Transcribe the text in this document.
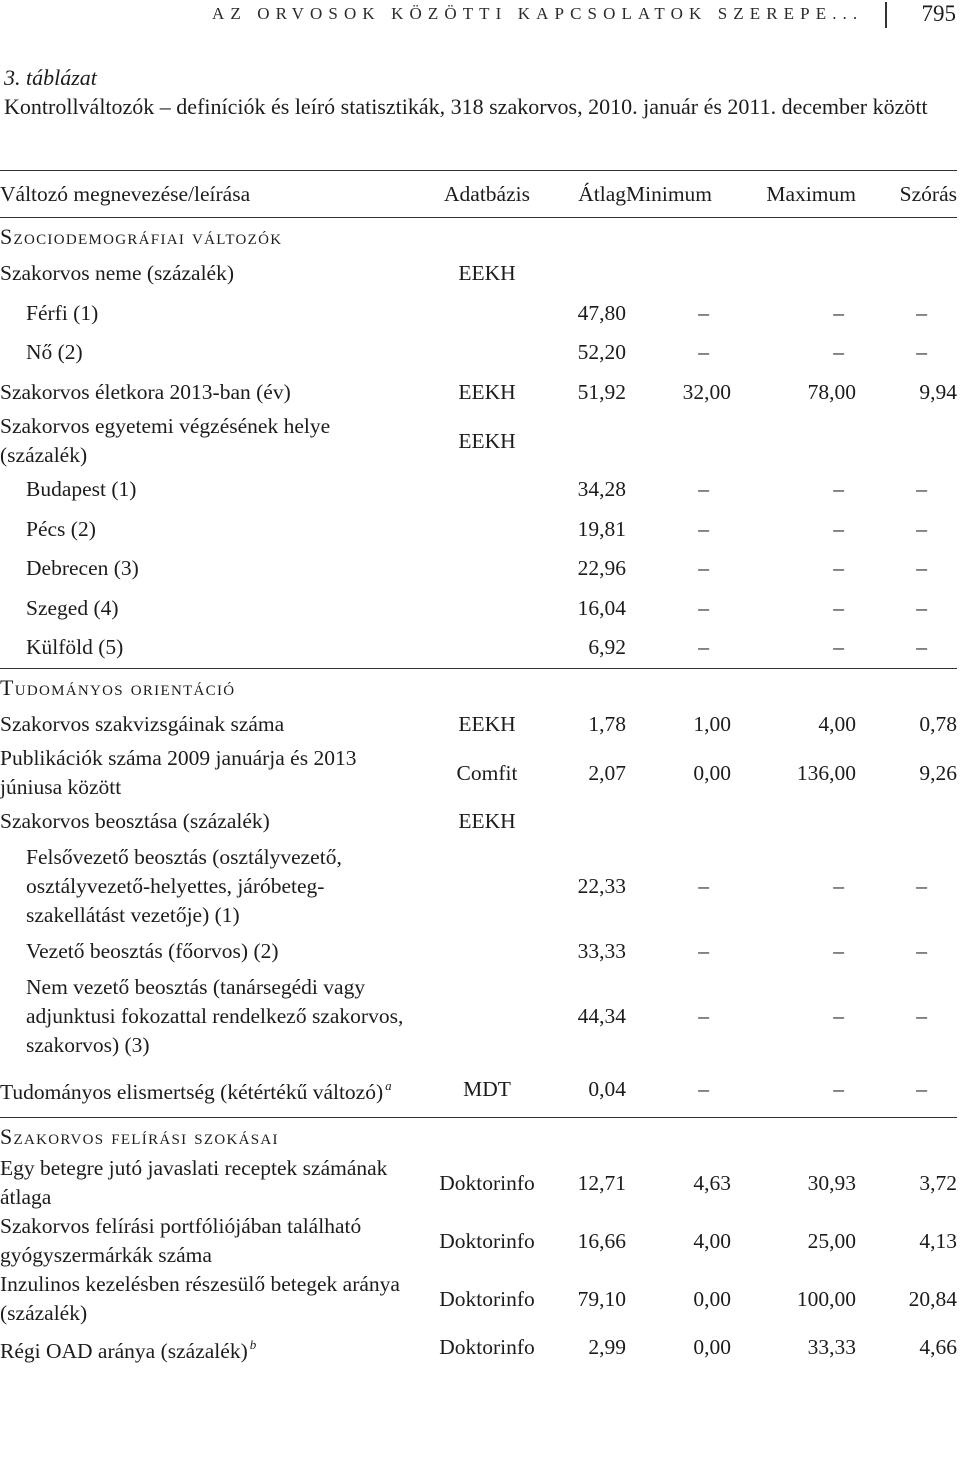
AZ ORVOSOK KÖZÖTTI KAPCSOLATOK SZEREPE...	795
3. táblázat
Kontrollváltozók – definíciók és leíró statisztikák, 318 szakorvos, 2010. január és 2011. december között
Változó megnevezése/leírása	Adatbázis	Átlag	Minimum	Maximum	Szórás
Szociodemográfiai változók					
Szakorvos neme (százalék)	EEKH				
Férfi (1)		47,80	–	–	–
Nő (2)		52,20	–	–	–
Szakorvos életkora 2013-ban (év)	EEKH	51,92	32,00	78,00	9,94
Szakorvos egyetemi végzésének helye (százalék)	EEKH				
Budapest (1)		34,28	–	–	–
Pécs (2)		19,81	–	–	–
Debrecen (3)		22,96	–	–	–
Szeged (4)		16,04	–	–	–
Külföld (5)		6,92	–	–	–
Tudományos orientáció					
Szakorvos szakvizsgáinak száma	EEKH	1,78	1,00	4,00	0,78
Publikációk száma 2009 januárja és 2013 júniusa között	Comfit	2,07	0,00	136,00	9,26
Szakorvos beosztása (százalék)	EEKH				
Felsővezető beosztás (osztályvezető, osztályvezető-helyettes, járóbeteg-szakellátást vezetője) (1)		22,33	–	–	–
Vezető beosztás (főorvos) (2)		33,33	–	–	–
Nem vezető beosztás (tanársegédi vagy adjunktusi fokozattal rendelkező szakorvos, szakorvos) (3)		44,34	–	–	–
Tudományos elismertség (kétértékű változó) $^a$	MDT	0,04	–	–	–
Szakorvos felírási szokásai					
Egy betegre jutó javaslati receptek számának átlaga	Doktorinfo	12,71	4,63	30,93	3,72
Szakorvos felírási portfóliójában található gyógyszermárkák száma	Doktorinfo	16,66	4,00	25,00	4,13
Inzulinos kezelésben részesülő betegek aránya (százalék)	Doktorinfo	79,10	0,00	100,00	20,84
Régi OAD aránya (százalék) $^b$	Doktorinfo	2,99	0,00	33,33	4,66
